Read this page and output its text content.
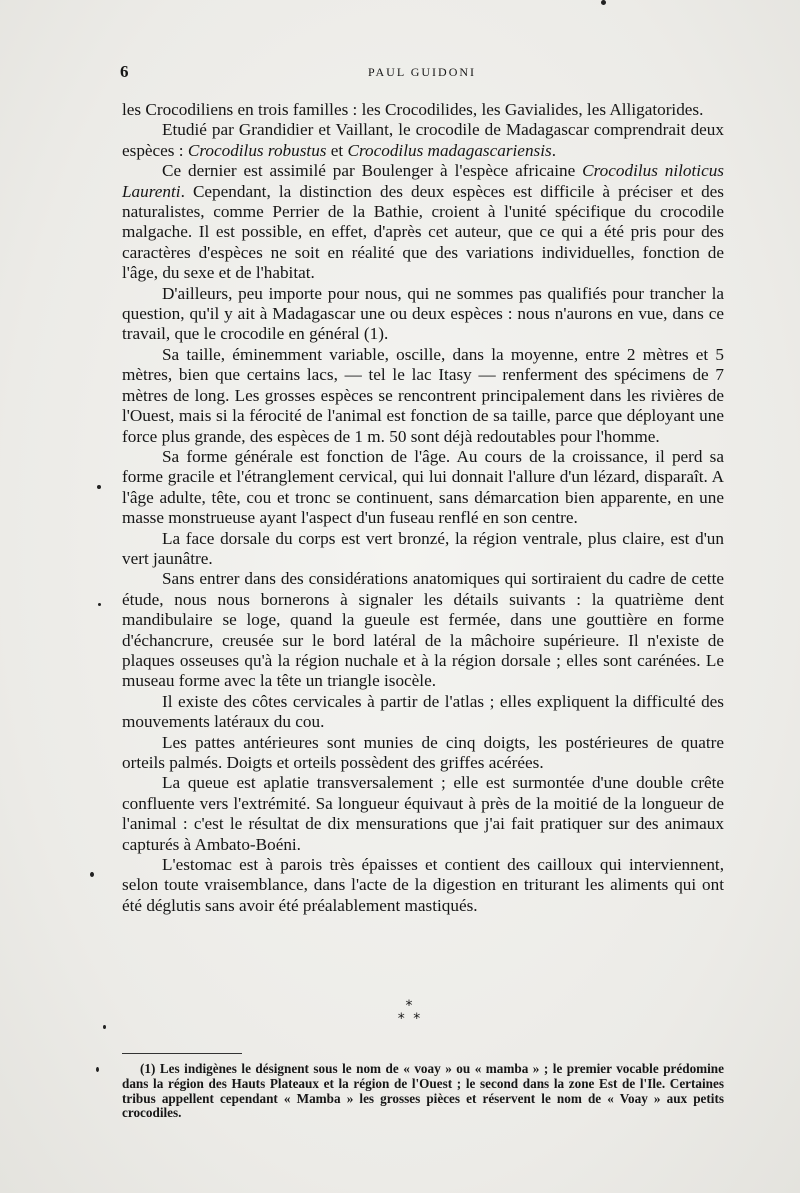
6	PAUL GUIDONI

les Crocodiliens en trois familles : les Crocodilides, les Gavialides, les Alligatorides.

Etudié par Grandidier et Vaillant, le crocodile de Madagascar comprendrait deux espèces : Crocodilus robustus et Crocodilus madagascariensis.

Ce dernier est assimilé par Boulenger à l'espèce africaine Crocodilus niloticus Laurenti. Cependant, la distinction des deux espèces est difficile à préciser et des naturalistes, comme Perrier de la Bathie, croient à l'unité spécifique du crocodile malgache. Il est possible, en effet, d'après cet auteur, que ce qui a été pris pour des caractères d'espèces ne soit en réalité que des variations individuelles, fonction de l'âge, du sexe et de l'habitat.

D'ailleurs, peu importe pour nous, qui ne sommes pas qualifiés pour trancher la question, qu'il y ait à Madagascar une ou deux espèces : nous n'aurons en vue, dans ce travail, que le crocodile en général (1).

Sa taille, éminemment variable, oscille, dans la moyenne, entre 2 mètres et 5 mètres, bien que certains lacs, — tel le lac Itasy — renferment des spécimens de 7 mètres de long. Les grosses espèces se rencontrent principalement dans les rivières de l'Ouest, mais si la férocité de l'animal est fonction de sa taille, parce que déployant une force plus grande, des espèces de 1 m. 50 sont déjà redoutables pour l'homme.

Sa forme générale est fonction de l'âge. Au cours de la croissance, il perd sa forme gracile et l'étranglement cervical, qui lui donnait l'allure d'un lézard, disparaît. A l'âge adulte, tête, cou et tronc se continuent, sans démarcation bien apparente, en une masse monstrueuse ayant l'aspect d'un fuseau renflé en son centre.

La face dorsale du corps est vert bronzé, la région ventrale, plus claire, est d'un vert jaunâtre.

Sans entrer dans des considérations anatomiques qui sortiraient du cadre de cette étude, nous nous bornerons à signaler les détails suivants : la quatrième dent mandibulaire se loge, quand la gueule est fermée, dans une gouttière en forme d'échancrure, creusée sur le bord latéral de la mâchoire supérieure. Il n'existe de plaques osseuses qu'à la région nuchale et à la région dorsale ; elles sont carénées. Le museau forme avec la tête un triangle isocèle.

Il existe des côtes cervicales à partir de l'atlas ; elles expliquent la difficulté des mouvements latéraux du cou.

Les pattes antérieures sont munies de cinq doigts, les postérieures de quatre orteils palmés. Doigts et orteils possèdent des griffes acérées.

La queue est aplatie transversalement ; elle est surmontée d'une double crête confluente vers l'extrémité. Sa longueur équivaut à près de la moitié de la longueur de l'animal : c'est le résultat de dix mensurations que j'ai fait pratiquer sur des animaux capturés à Ambato-Boéni.

L'estomac est à parois très épaisses et contient des cailloux qui interviennent, selon toute vraisemblance, dans l'acte de la digestion en triturant les aliments qui ont été déglutis sans avoir été préalablement mastiqués.

*
* *

(1) Les indigènes le désignent sous le nom de « voay » ou « mamba » ; le premier vocable prédomine dans la région des Hauts Plateaux et la région de l'Ouest ; le second dans la zone Est de l'Ile. Certaines tribus appellent cependant « Mamba » les grosses pièces et réservent le nom de « Voay » aux petits crocodiles.
